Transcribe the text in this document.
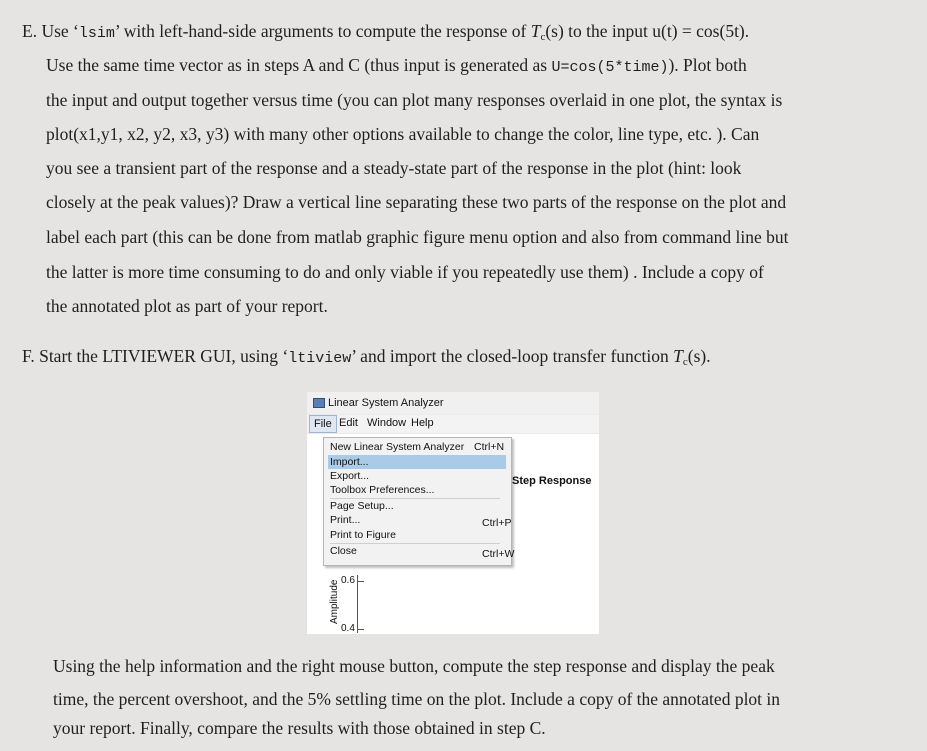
E. Use ‘lsim’ with left-hand-side arguments to compute the response of $T_c(s)$ to the input u(t) = cos(5t).
Use the same time vector as in steps A and C (thus input is generated as U=cos(5*time)). Plot both
the input and output together versus time (you can plot many responses overlaid in one plot, the syntax is
plot(x1,y1, x2, y2, x3, y3) with many other options available to change the color, line type, etc. ). Can
you see a transient part of the response and a steady-state part of the response in the plot (hint: look
closely at the peak values)? Draw a vertical line separating these two parts of the response on the plot and
label each part (this can be done from matlab graphic figure menu option and also from command line but
the latter is more time consuming to do and only viable if you repeatedly use them) . Include a copy of
the annotated plot as part of your report.
F. Start the LTIVIEWER GUI, using ‘ltiview’ and import the closed-loop transfer function $T_c(s)$.
Linear System Analyzer
File Edit Window Help
Step Response
New Linear System Analyzer Ctrl+N
Import...
Export...
Toolbox Preferences...
Page Setup...
Print...	Ctrl+P
Print to Figure
Close	Ctrl+W
0.6
0.4
Amplitude
Using the help information and the right mouse button, compute the step response and display the peak
time, the percent overshoot, and the 5% settling time on the plot. Include a copy of the annotated plot in
your report. Finally, compare the results with those obtained in step C.
